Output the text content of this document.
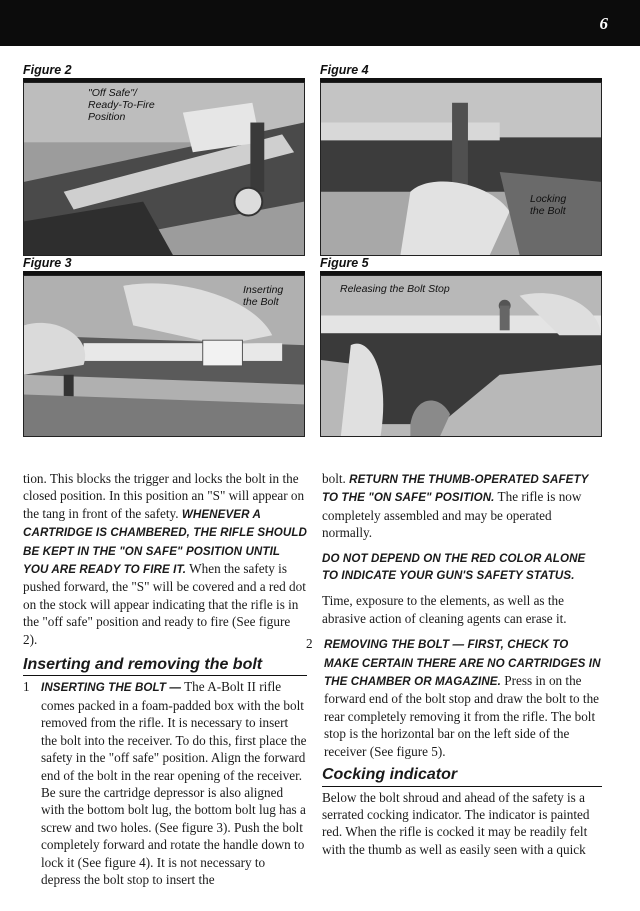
6
Figure 2
"Off Safe"/
Ready-To-Fire
Position
Figure 4
Locking
the Bolt
Figure 3
Inserting
the Bolt
Figure 5
Releasing the Bolt Stop

tion. This blocks the trigger and locks the bolt in the closed position. In this position an "S" will appear on the tang in front of the safety. WHENEVER A CARTRIDGE IS CHAMBERED, THE RIFLE SHOULD BE KEPT IN THE "ON SAFE" POSITION UNTIL YOU ARE READY TO FIRE IT. When the safety is pushed forward, the "S" will be covered and a red dot on the stock will appear indicating that the rifle is in the "off safe" position and ready to fire (See figure 2).

Inserting and removing the bolt
1 INSERTING THE BOLT — The A-Bolt II rifle comes packed in a foam-padded box with the bolt removed from the rifle. It is necessary to insert the bolt into the receiver. To do this, first place the safety in the "off safe" position. Align the forward end of the bolt in the rear opening of the receiver. Be sure the cartridge depressor is also aligned with the bottom bolt lug, the bottom bolt lug has a screw and two holes. (See figure 3). Push the bolt completely forward and rotate the handle down to lock it (See figure 4). It is not necessary to depress the bolt stop to insert the

bolt. RETURN THE THUMB-OPERATED SAFETY TO THE "ON SAFE" POSITION. The rifle is now completely assembled and may be operated normally.

DO NOT DEPEND ON THE RED COLOR ALONE TO INDICATE YOUR GUN'S SAFETY STATUS.

Time, exposure to the elements, as well as the abrasive action of cleaning agents can erase it.

2 REMOVING THE BOLT — FIRST, CHECK TO MAKE CERTAIN THERE ARE NO CARTRIDGES IN THE CHAMBER OR MAGAZINE. Press in on the forward end of the bolt stop and draw the bolt to the rear completely removing it from the rifle. The bolt stop is the horizontal bar on the left side of the receiver (See figure 5).
Cocking indicator

Below the bolt shroud and ahead of the safety is a serrated cocking indicator. The indicator is painted red. When the rifle is cocked it may be readily felt with the thumb as well as easily seen with a quick
